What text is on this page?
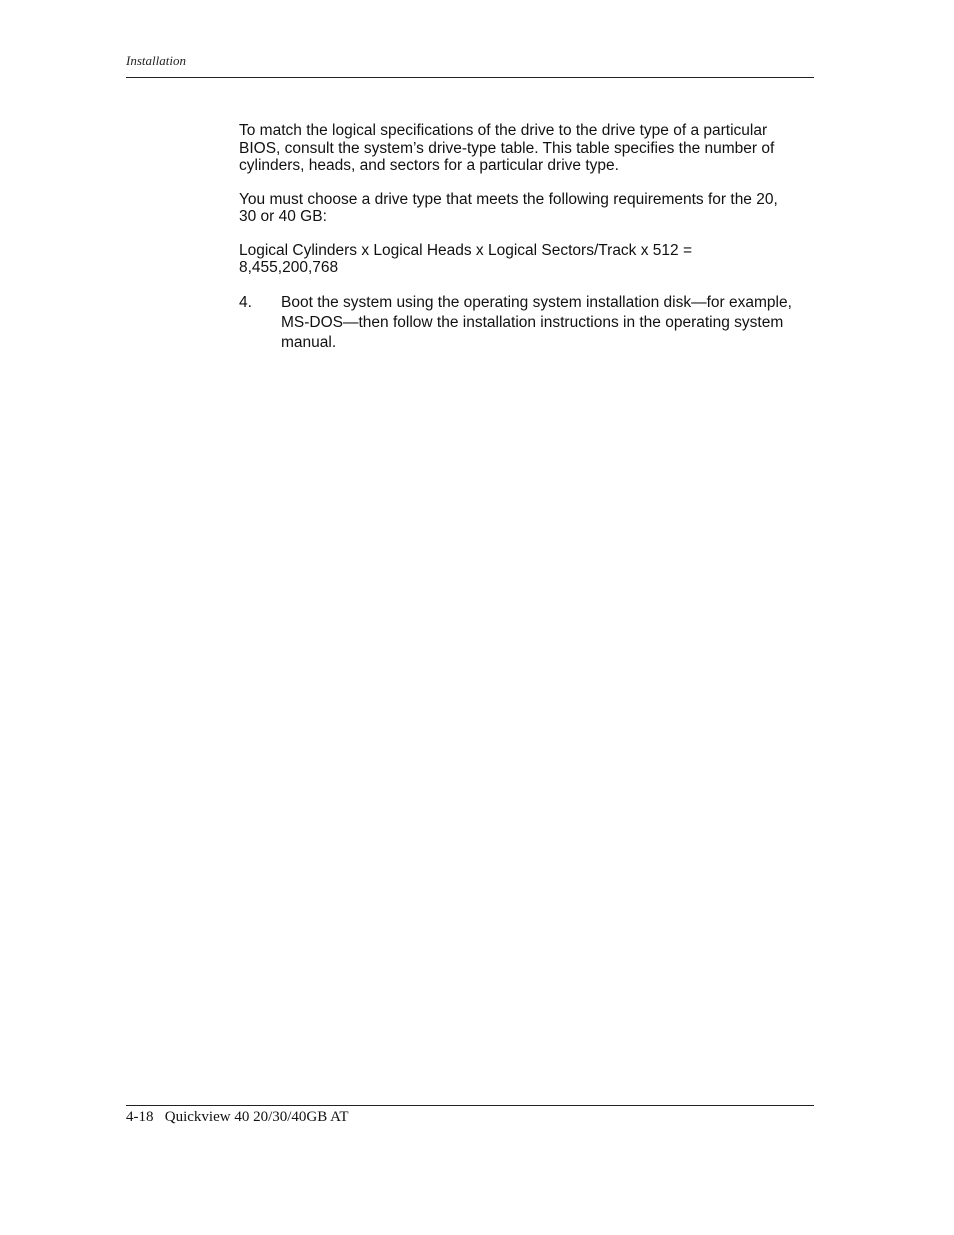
Installation

To match the logical specifications of the drive to the drive type of a particular BIOS, consult the system’s drive-type table. This table specifies the number of cylinders, heads, and sectors for a particular drive type.

You must choose a drive type that meets the following requirements for the 20, 30 or 40 GB:

Logical Cylinders x Logical Heads x Logical Sectors/Track x 512 = 8,455,200,768

4.	Boot the system using the operating system installation disk—for example, MS-DOS—then follow the installation instructions in the operating system manual.
4-18 Quickview 40 20/30/40GB AT
